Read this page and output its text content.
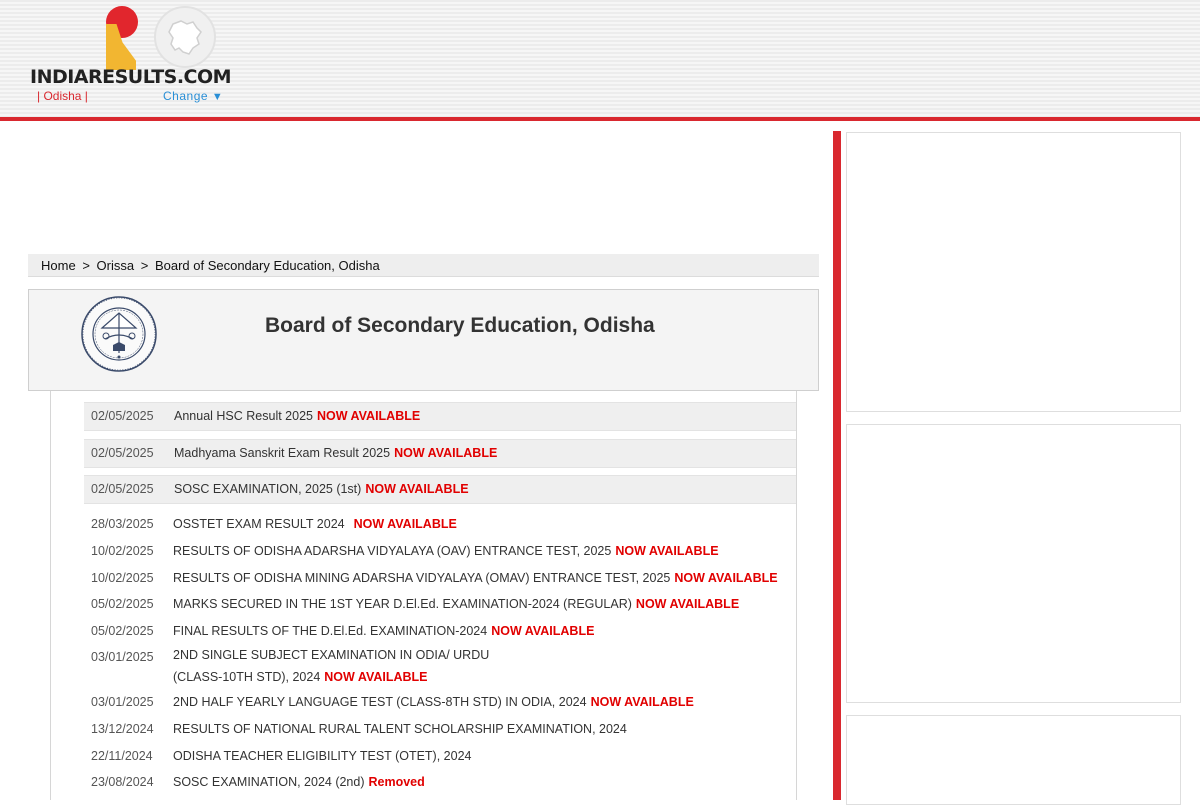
INDIARESULTS.COM
| Odisha |	Change ▼
Home > Orissa > Board of Secondary Education, Odisha
Board of Secondary Education, Odisha
02/05/2025 Annual HSC Result 2025 NOW AVAILABLE
02/05/2025 Madhyama Sanskrit Exam Result 2025 NOW AVAILABLE
02/05/2025 SOSC EXAMINATION, 2025 (1st) NOW AVAILABLE
28/03/2025 OSSTET EXAM RESULT 2024 NOW AVAILABLE
10/02/2025 RESULTS OF ODISHA ADARSHA VIDYALAYA (OAV) ENTRANCE TEST, 2025 NOW AVAILABLE
10/02/2025 RESULTS OF ODISHA MINING ADARSHA VIDYALAYA (OMAV) ENTRANCE TEST, 2025 NOW AVAILABLE
05/02/2025 MARKS SECURED IN THE 1ST YEAR D.El.Ed. EXAMINATION-2024 (REGULAR) NOW AVAILABLE
05/02/2025 FINAL RESULTS OF THE D.El.Ed. EXAMINATION-2024 NOW AVAILABLE
03/01/2025 2ND SINGLE SUBJECT EXAMINATION IN ODIA/ URDU
(CLASS-10TH STD), 2024 NOW AVAILABLE
03/01/2025 2ND HALF YEARLY LANGUAGE TEST (CLASS-8TH STD) IN ODIA, 2024 NOW AVAILABLE
13/12/2024 RESULTS OF NATIONAL RURAL TALENT SCHOLARSHIP EXAMINATION, 2024
22/11/2024 ODISHA TEACHER ELIGIBILITY TEST (OTET), 2024
23/08/2024 SOSC EXAMINATION, 2024 (2nd) Removed
